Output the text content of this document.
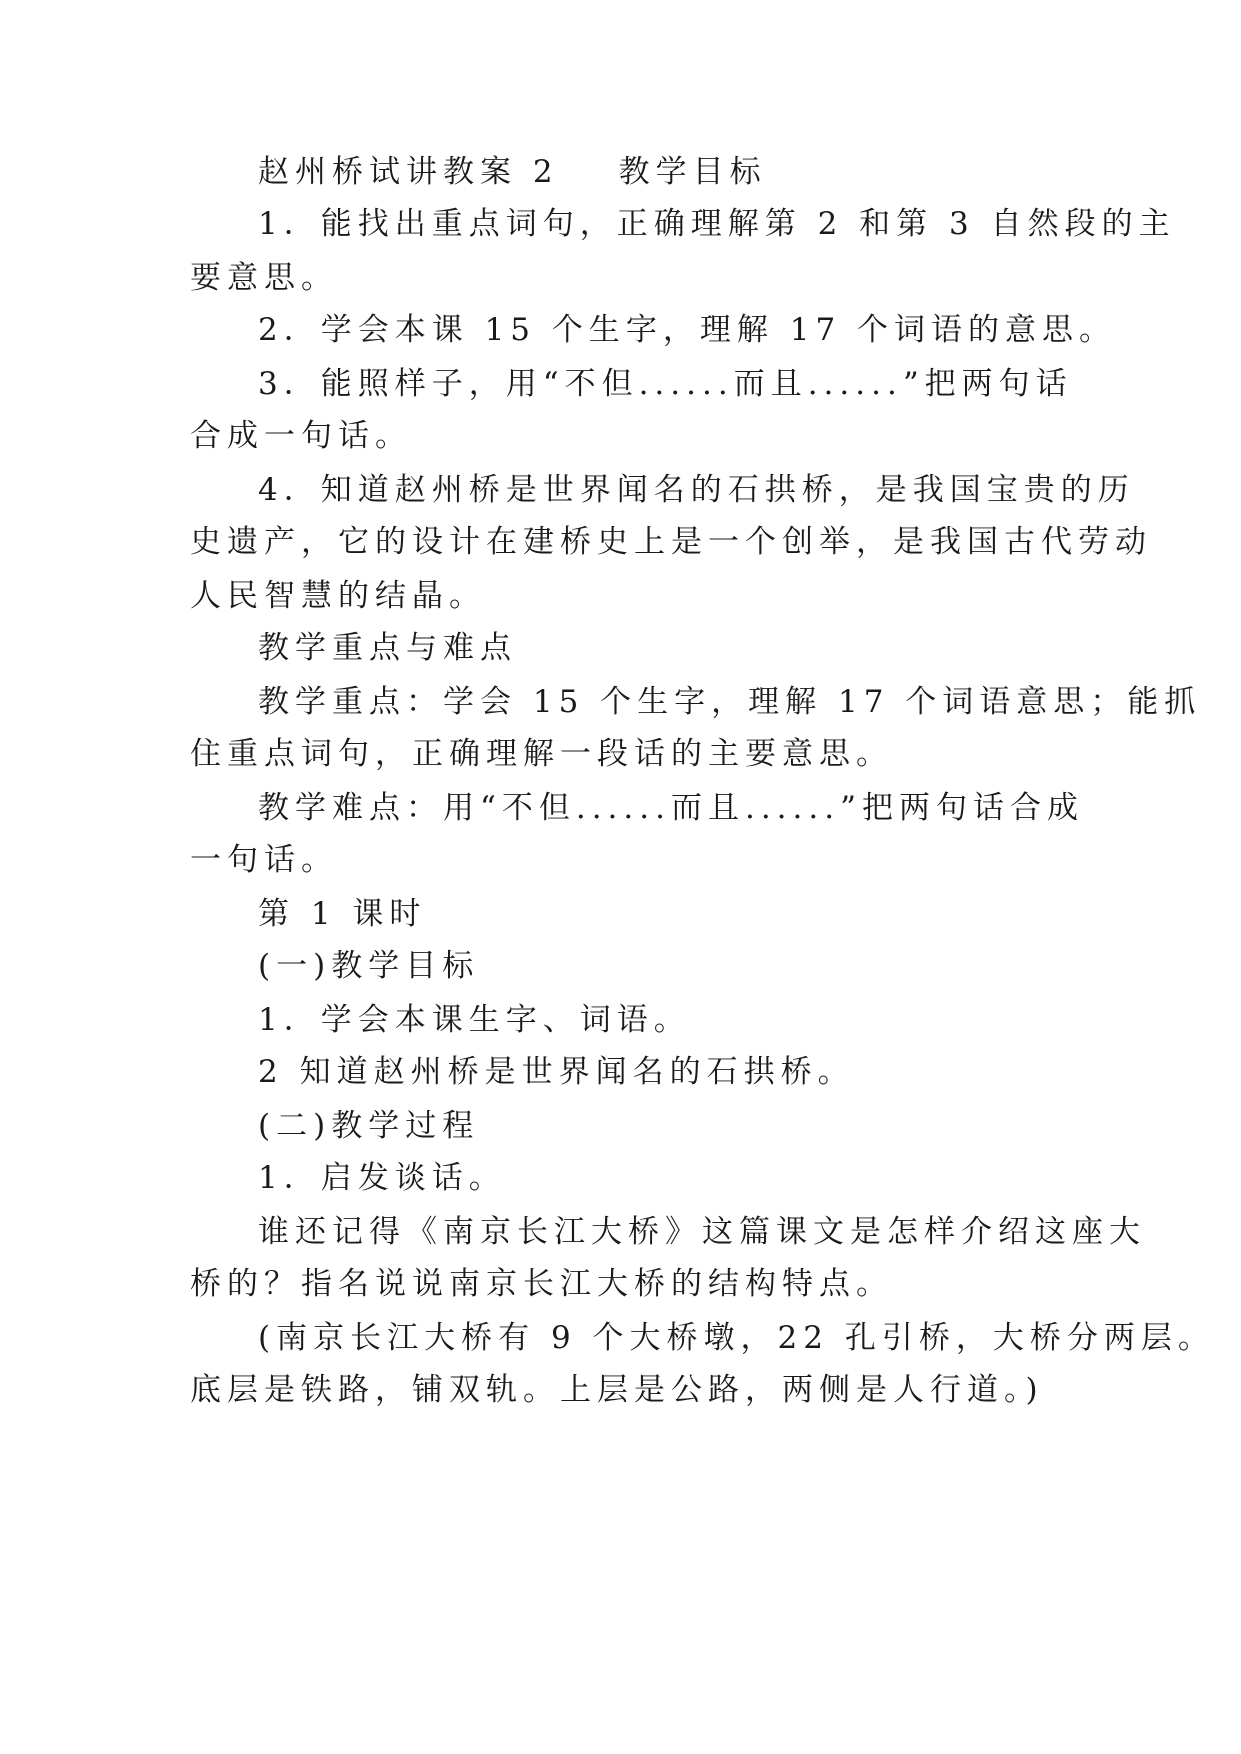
赵州桥试讲教案 2 教学目标
1．能找出重点词句，正确理解第 2 和第 3 自然段的主
要意思。
2．学会本课 15 个生字，理解 17 个词语的意思。
3．能照样子，用“不但......而且......”把两句话
合成一句话。
4．知道赵州桥是世界闻名的石拱桥，是我国宝贵的历
史遗产，它的设计在建桥史上是一个创举，是我国古代劳动
人民智慧的结晶。
教学重点与难点
教学重点：学会 15 个生字，理解 17 个词语意思；能抓
住重点词句，正确理解一段话的主要意思。
教学难点：用“不但......而且......”把两句话合成
一句话。
第 1 课时
(一)教学目标
1．学会本课生字、词语。
2 知道赵州桥是世界闻名的石拱桥。
(二)教学过程
1．启发谈话。
谁还记得《南京长江大桥》这篇课文是怎样介绍这座大
桥的？指名说说南京长江大桥的结构特点。
(南京长江大桥有 9 个大桥墩，22 孔引桥，大桥分两层。
底层是铁路，铺双轨。上层是公路，两侧是人行道。)
